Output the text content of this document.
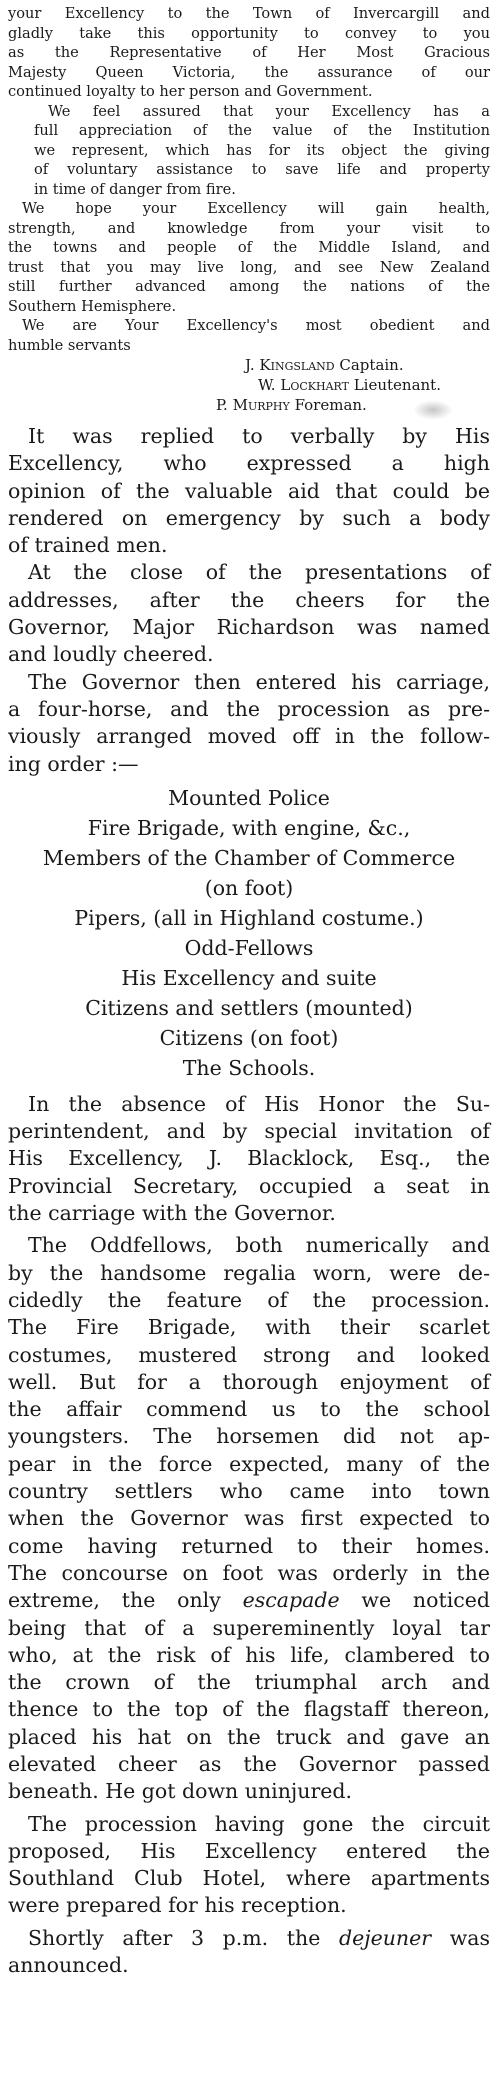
your Excellency to the Town of Invercargill and
gladly take this opportunity to convey to you
as the Representative of Her Most Gracious
Majesty Queen Victoria, the assurance of our
continued loyalty to her person and Government.
We feel assured that your Excellency has a
full appreciation of the value of the Institution
we represent, which has for its object the giving
of voluntary assistance to save life and property
in time of danger from fire.
We hope your Excellency will gain health,
strength, and knowledge from your visit to
the towns and people of the Middle Island, and
trust that you may live long, and see New Zealand
still further advanced among the nations of the
Southern Hemisphere.
We are Your Excellency's most obedient and
humble servants
J. Kingsland Captain.
W. Lockhart Lieutenant.
P. Murphy Foreman.
It was replied to verbally by His
Excellency, who expressed a high
opinion of the valuable aid that could be
rendered on emergency by such a body
of trained men.
At the close of the presentations of
addresses, after the cheers for the
Governor, Major Richardson was named
and loudly cheered.
The Governor then entered his carriage,
a four-horse, and the procession as pre-
viously arranged moved off in the follow-
ing order :—
Mounted Police
Fire Brigade, with engine, &c.,
Members of the Chamber of Commerce
(on foot)
Pipers, (all in Highland costume.)
Odd-Fellows
His Excellency and suite
Citizens and settlers (mounted)
Citizens (on foot)
The Schools.
In the absence of His Honor the Su-
perintendent, and by special invitation of
His Excellency, J. Blacklock, Esq., the
Provincial Secretary, occupied a seat in
the carriage with the Governor.
The Oddfellows, both numerically and
by the handsome regalia worn, were de-
cidedly the feature of the procession.
The Fire Brigade, with their scarlet
costumes, mustered strong and looked
well. But for a thorough enjoyment of
the affair commend us to the school
youngsters. The horsemen did not ap-
pear in the force expected, many of the
country settlers who came into town
when the Governor was first expected to
come having returned to their homes.
The concourse on foot was orderly in the
extreme, the only escapade we noticed
being that of a supereminently loyal tar
who, at the risk of his life, clambered to
the crown of the triumphal arch and
thence to the top of the flagstaff thereon,
placed his hat on the truck and gave an
elevated cheer as the Governor passed
beneath. He got down uninjured.
The procession having gone the circuit
proposed, His Excellency entered the
Southland Club Hotel, where apartments
were prepared for his reception.
Shortly after 3 p.m. the dejeuner was
announced.
